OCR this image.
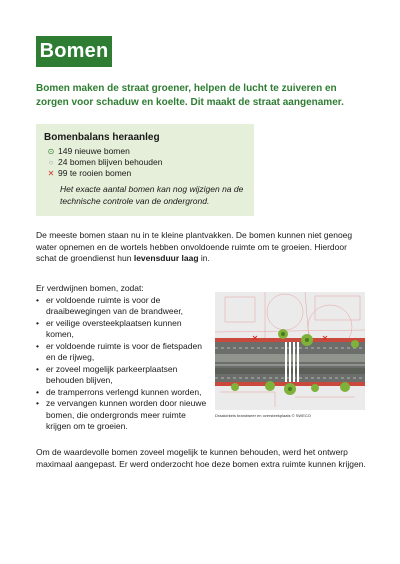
Bomen

Bomen maken de straat groener, helpen de lucht te zuiveren en zorgen voor schaduw en koelte. Dit maakt de straat aangenamer.

Bomenbalans heraanleg
⊙ 149 nieuwe bomen
○ 24 bomen blijven behouden
✕ 99 te rooien bomen

Het exacte aantal bomen kan nog wijzigen na de technische controle van de ondergrond.

De meeste bomen staan nu in te kleine plantvakken. De bomen kunnen niet genoeg water opnemen en de wortels hebben onvoldoende ruimte om te groeien. Hierdoor schat de groendienst hun levensduur laag in.

Er verdwijnen bomen, zodat:

• er voldoende ruimte is voor de draaibewegingen van de brandweer,
• er veilige oversteekplaatsen kunnen komen,
• er voldoende ruimte is voor de fietspaden en de rijweg,
• er zoveel mogelijk parkeerplaatsen behouden blijven,
• de tramperrons verlengd kunnen worden,
• ze vervangen kunnen worden door nieuwe bomen, die ondergronds meer ruimte krijgen om te groeien.
Draaicirkels brandweer en oversteekplaats © SWECO

Om de waardevolle bomen zoveel mogelijk te kunnen behouden, werd het ontwerp maximaal aangepast. Er werd onderzocht hoe deze bomen extra ruimte kunnen krijgen.
